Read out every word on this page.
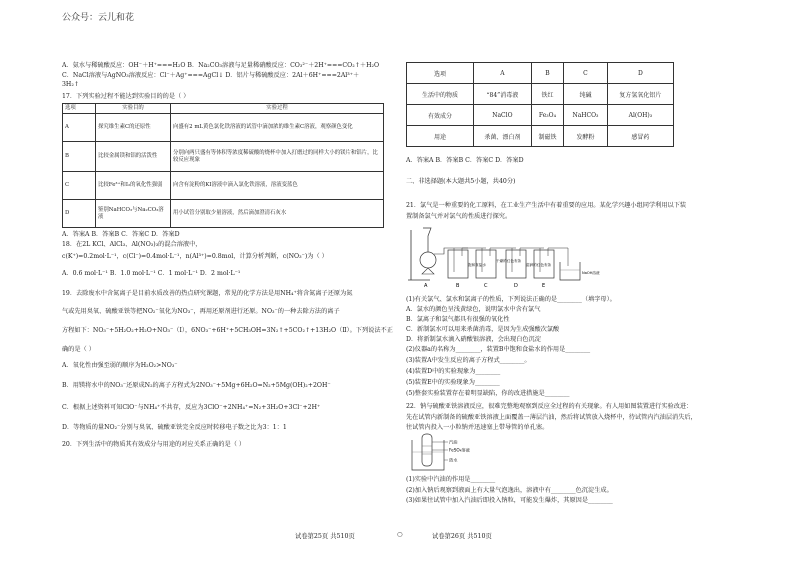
公众号：云儿和花
A．氨水与稀硫酸反应：OH⁻＋H⁺===H₂O B．Na₂CO₃溶液与足量稀硝酸反应：CO₃²⁻＋2H⁺===CO₂↑＋H₂O
C．NaCl溶液与AgNO₃溶液反应：Cl⁻＋Ag⁺===AgCl↓ D．铝片与稀硫酸反应：2Al＋6H⁺===2Al³⁺＋
3H₂↑
17．下列实验过程不能达到实验目的的是（ ）
选项	实验目的	实验过程
A	探究维生素C的还原性	向盛有2 mL黄色氯化铁溶液的试管中滴加浓的维生素C溶液，观察颜色变化
B	比较金属镁和铝的活泼性	分别向两只盛有等体积等浓度稀硫酸的烧杯中加入打磨过的同样大小的镁片和铝片，比较反应现象
C	比较Fe³⁺和I₂的氧化性强弱	向含有淀粉的KI溶液中滴入氯化铁溶液，溶液变蓝色
D	鉴别NaHCO₃与Na₂CO₃溶液	用小试管分别取少量溶液，然后滴加澄清石灰水
A．答案A B．答案B C．答案C D．答案D
18．在2L KCl、AlCl₃、Al(NO₃)₃的混合溶液中，
c(K⁺)=0.2mol·L⁻¹，c(Cl⁻)=0.4mol·L⁻¹，n(Al³⁺)=0.8mol，计算分析判断，c(NO₃⁻)为（ ）
A．0.6 mol·L⁻¹ B．1.0 mol·L⁻¹ C．1 mol·L⁻¹ D．2 mol·L⁻¹
19．去除废水中含氮离子是目前水质改善的热点研究课题，常见的化学方法是用NH₄⁺将含氮离子还原为氮
气或先用臭氧、硫酸亚铁等把NO₂⁻氧化为NO₃⁻，再用还原剂进行还原。NO₃⁻的一种去除方法的离子
方程如下：NO₃⁻+5H₂O₂+H₂O+NO₃⁻（Ⅰ），6NO₃⁻+6H⁺+5CH₃OH=3N₂↑+5CO₂↑+13H₂O（Ⅱ）。下列说法不正
确的是（ ）
A．氧化性由强至弱的顺序为H₂O₂>NO₃⁻
B．用镁将水中的NO₃⁻还原成N₂的离子方程式为2NO₃⁻+5Mg+6H₂O=N₂+5Mg(OH)₂+2OH⁻
C．根据上述资料可知ClO⁻与NH₄⁺不共存，反应为3ClO⁻+2NH₄⁺=N₂+3H₂O+3Cl⁻+2H⁺
D．等物质的量NO₂⁻分别与臭氧、硫酸亚铁完全反应时转移电子数之比为3：1：1
20．下列生活中的物质其有效成分与用途的对应关系正确的是（ ）
选项	A	B	C	D
生活中的物质	“84”消毒液	铁红	纯碱	复方氢氧化铝片
有效成分	NaClO	Fe₃O₄	NaHCO₃	Al(OH)₃
用途	杀菌、漂白剂	制磁铁	发酵粉	感冒药
A．答案A B．答案B C．答案C D．答案D
二、非选择题(本大题共5小题，共40分)
21．氯气是一种重要的化工原料，在工业生产生活中有着重要的应用。某化学兴趣小组同学利用以下装
置制备氯气并对氯气的性质进行探究。
A	B	C	D	E
饱和食盐水
干燥的红色布条
湿润的红色布条
NaOH溶液
(1)有关氯气、氯水和氯离子的性质，下列说法正确的是________（填字母）。
A．氯水的颜色呈浅黄绿色，说明氯水中含有氯气
B．氯离子和氯气都具有很强的氧化性
C．新制氯水可以用来杀菌消毒，是因为生成强酸次氯酸
D．将新制氯水滴入硝酸银溶液，会出现白色沉淀
(2)仪器a的名称为________，装置B中饱和食盐水的作用是________
(3)装置A中发生反应的离子方程式________。
(4)装置D中的实验现象为________
(5)装置E中的实验现象为________
(5)整套实验装置存在着明显缺陷，你的改进措施是________
22．钠与硫酸亚铁溶液反应，很难完整地观察到反应全过程的有关现象。有人用如图装置进行实验改进：
先在试管内新制备的硫酸亚铁溶液上面覆盖一薄层汽油，然后将试管放入烧杯中，待试管内汽油层消失后，
往试管内投入一小粒钠并迅速塞上带导管的单孔塞。
汽油
FeSO₄溶液
热水
(1)实验中汽油的作用是________
(2)加入钠后观察到液面上有大量气泡逸出，溶液中有________色沉淀生成。
(3)如果往试管中加入汽油后即投入钠粒，可能发生爆炸，其原因是________
试卷第25页 共510页	○	试卷第26页 共510页
